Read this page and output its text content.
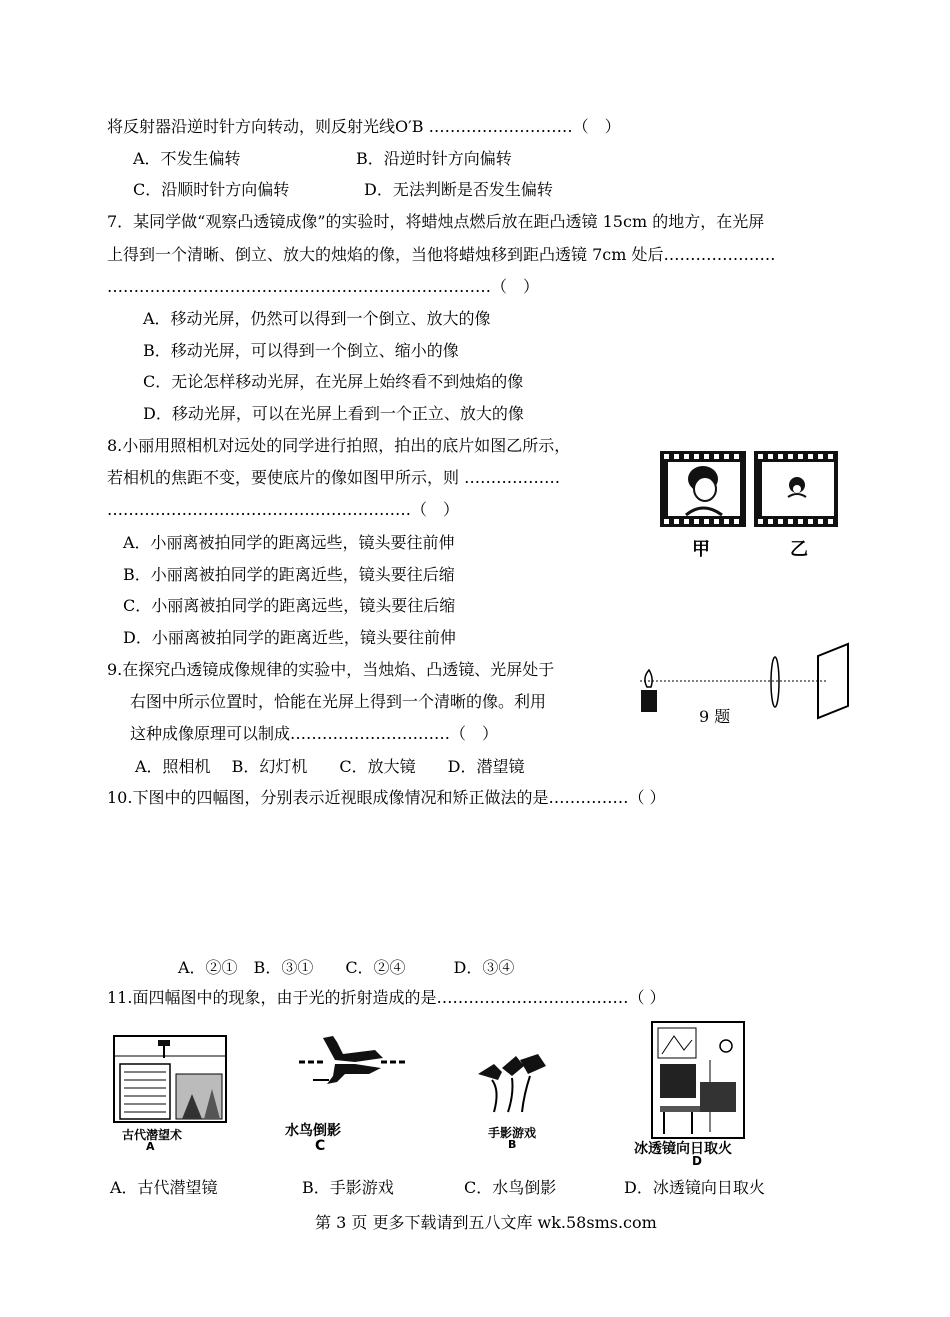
将反射器沿逆时针方向转动，则反射光线O′B ………………………（　）
A．不发生偏转	B．沿逆时针方向偏转
C．沿顺时针方向偏转	D．无法判断是否发生偏转
7．某同学做“观察凸透镜成像”的实验时，将蜡烛点燃后放在距凸透镜 15cm 的地方，在光屏
上得到一个清晰、倒立、放大的烛焰的像，当他将蜡烛移到距凸透镜 7cm 处后…………………
………………………………………………………………（　）
A．移动光屏，仍然可以得到一个倒立、放大的像
B．移动光屏，可以得到一个倒立、缩小的像
C．无论怎样移动光屏，在光屏上始终看不到烛焰的像
D．移动光屏，可以在光屏上看到一个正立、放大的像
8.小丽用照相机对远处的同学进行拍照，拍出的底片如图乙所示，
若相机的焦距不变，要使底片的像如图甲所示，则 ………………
…………………………………………………（　）
A．小丽离被拍同学的距离远些，镜头要往前伸
B．小丽离被拍同学的距离近些，镜头要往后缩
C．小丽离被拍同学的距离远些，镜头要往后缩
D．小丽离被拍同学的距离近些，镜头要往前伸
9.在探究凸透镜成像规律的实验中，当烛焰、凸透镜、光屏处于
右图中所示位置时，恰能在光屏上得到一个清晰的像。利用
这种成像原理可以制成…………………………（　）
A．照相机　 B．幻灯机　　C．放大镜　　D．潜望镜
10.下图中的四幅图，分别表示近视眼成像情况和矫正做法的是……………（ ）
A．②①　B．③①　　C．②④　　　D．③④
11.面四幅图中的现象，由于光的折射造成的是………………………………（ ）
A．古代潜望镜	B．手影游戏	C．水鸟倒影	D．冰透镜向日取火
第 3 页 更多下载请到五八文库 wk.58sms.com
甲	乙
9 题
古代潜望术
A
水鸟倒影
C
手影游戏
B	冰透镜向日取火
D
